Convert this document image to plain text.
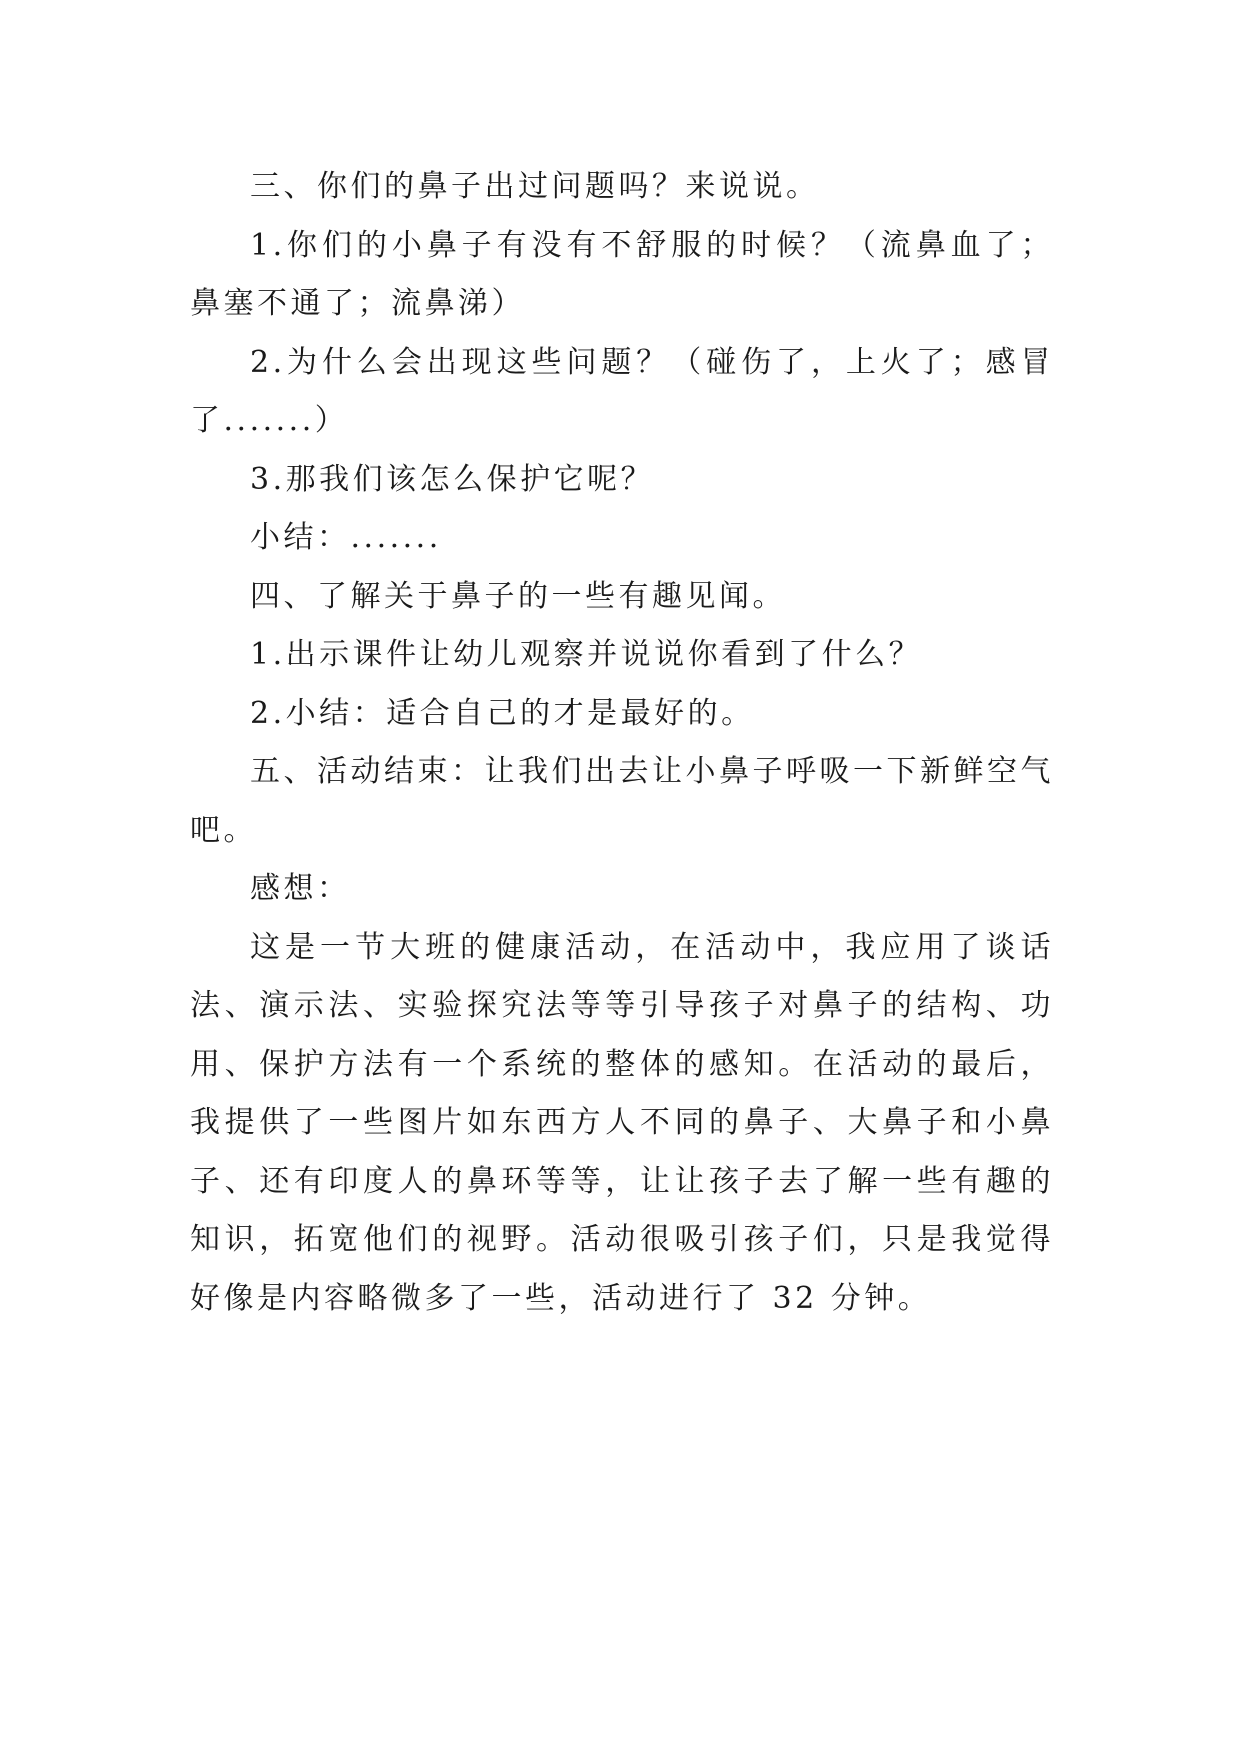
三、你们的鼻子出过问题吗？来说说。

1.你们的小鼻子有没有不舒服的时候？（流鼻血了；鼻塞不通了；流鼻涕）

2.为什么会出现这些问题？（碰伤了，上火了；感冒了.......）

3.那我们该怎么保护它呢？

小结：.......

四、了解关于鼻子的一些有趣见闻。

1.出示课件让幼儿观察并说说你看到了什么？

2.小结：适合自己的才是最好的。

五、活动结束：让我们出去让小鼻子呼吸一下新鲜空气吧。

感想：

这是一节大班的健康活动，在活动中，我应用了谈话法、演示法、实验探究法等等引导孩子对鼻子的结构、功用、保护方法有一个系统的整体的感知。在活动的最后，我提供了一些图片如东西方人不同的鼻子、大鼻子和小鼻子、还有印度人的鼻环等等，让让孩子去了解一些有趣的知识，拓宽他们的视野。活动很吸引孩子们，只是我觉得好像是内容略微多了一些，活动进行了 32 分钟。
